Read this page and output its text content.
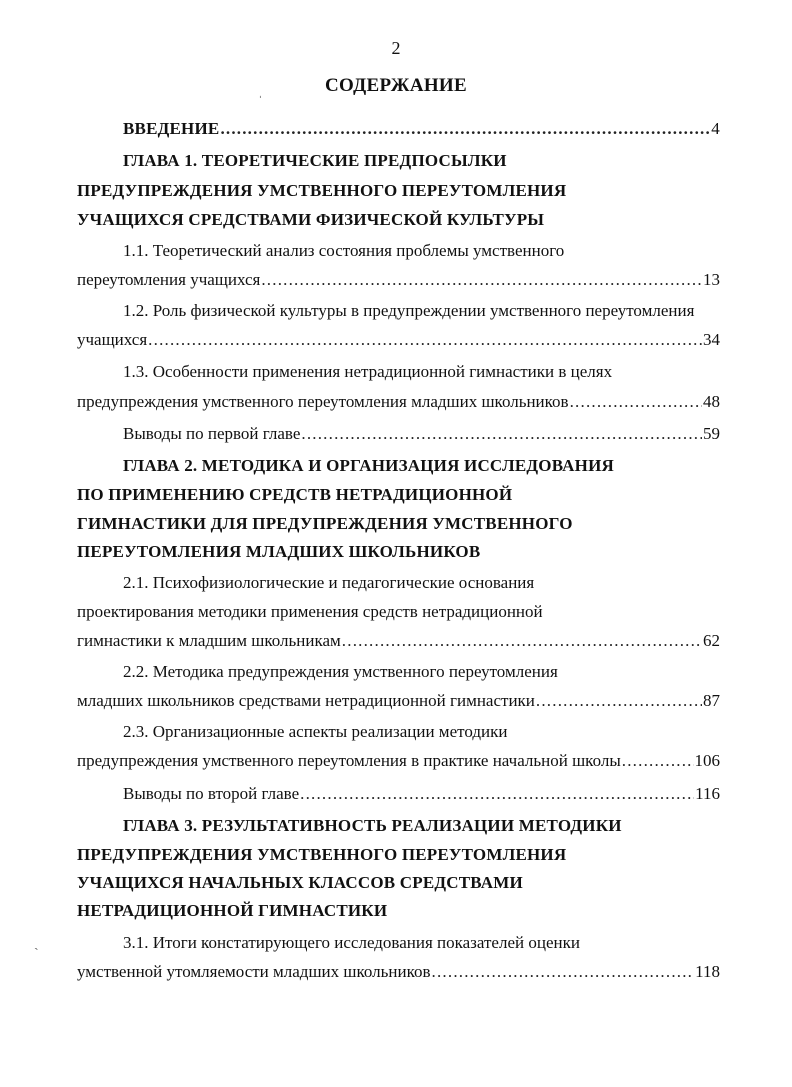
2
СОДЕРЖАНИЕ
ˌ
ˏ
ВВЕДЕНИЕ .....	4
ГЛАВА 1. ТЕОРЕТИЧЕСКИЕ ПРЕДПОСЫЛКИ
ПРЕДУПРЕЖДЕНИЯ УМСТВЕННОГО ПЕРЕУТОМЛЕНИЯ
УЧАЩИХСЯ СРЕДСТВАМИ ФИЗИЧЕСКОЙ КУЛЬТУРЫ
1.1. Теоретический анализ состояния проблемы умственного
переутомления учащихся .....	13
1.2. Роль физической культуры в предупреждении умственного переутомления
учащихся .....	34
1.3. Особенности применения нетрадиционной гимнастики в целях
предупреждения умственного переутомления младших школьников .....	48
Выводы по первой главе .....	59
ГЛАВА 2. МЕТОДИКА И ОРГАНИЗАЦИЯ ИССЛЕДОВАНИЯ
ПО ПРИМЕНЕНИЮ СРЕДСТВ НЕТРАДИЦИОННОЙ
ГИМНАСТИКИ ДЛЯ ПРЕДУПРЕЖДЕНИЯ УМСТВЕННОГО
ПЕРЕУТОМЛЕНИЯ МЛАДШИХ ШКОЛЬНИКОВ
2.1. Психофизиологические и педагогические основания
проектирования методики применения средств нетрадиционной
гимнастики к младшим школьникам .....	62
2.2. Методика предупреждения умственного переутомления
младших школьников средствами нетрадиционной гимнастики .....	87
2.3. Организационные аспекты реализации методики
предупреждения умственного переутомления в практике начальной школы .....	106
Выводы по второй главе .....	116
ГЛАВА 3. РЕЗУЛЬТАТИВНОСТЬ РЕАЛИЗАЦИИ МЕТОДИКИ
ПРЕДУПРЕЖДЕНИЯ УМСТВЕННОГО ПЕРЕУТОМЛЕНИЯ
УЧАЩИХСЯ НАЧАЛЬНЫХ КЛАССОВ СРЕДСТВАМИ
НЕТРАДИЦИОННОЙ ГИМНАСТИКИ
3.1. Итоги констатирующего исследования показателей оценки
умственной утомляемости младших школьников .....	118
